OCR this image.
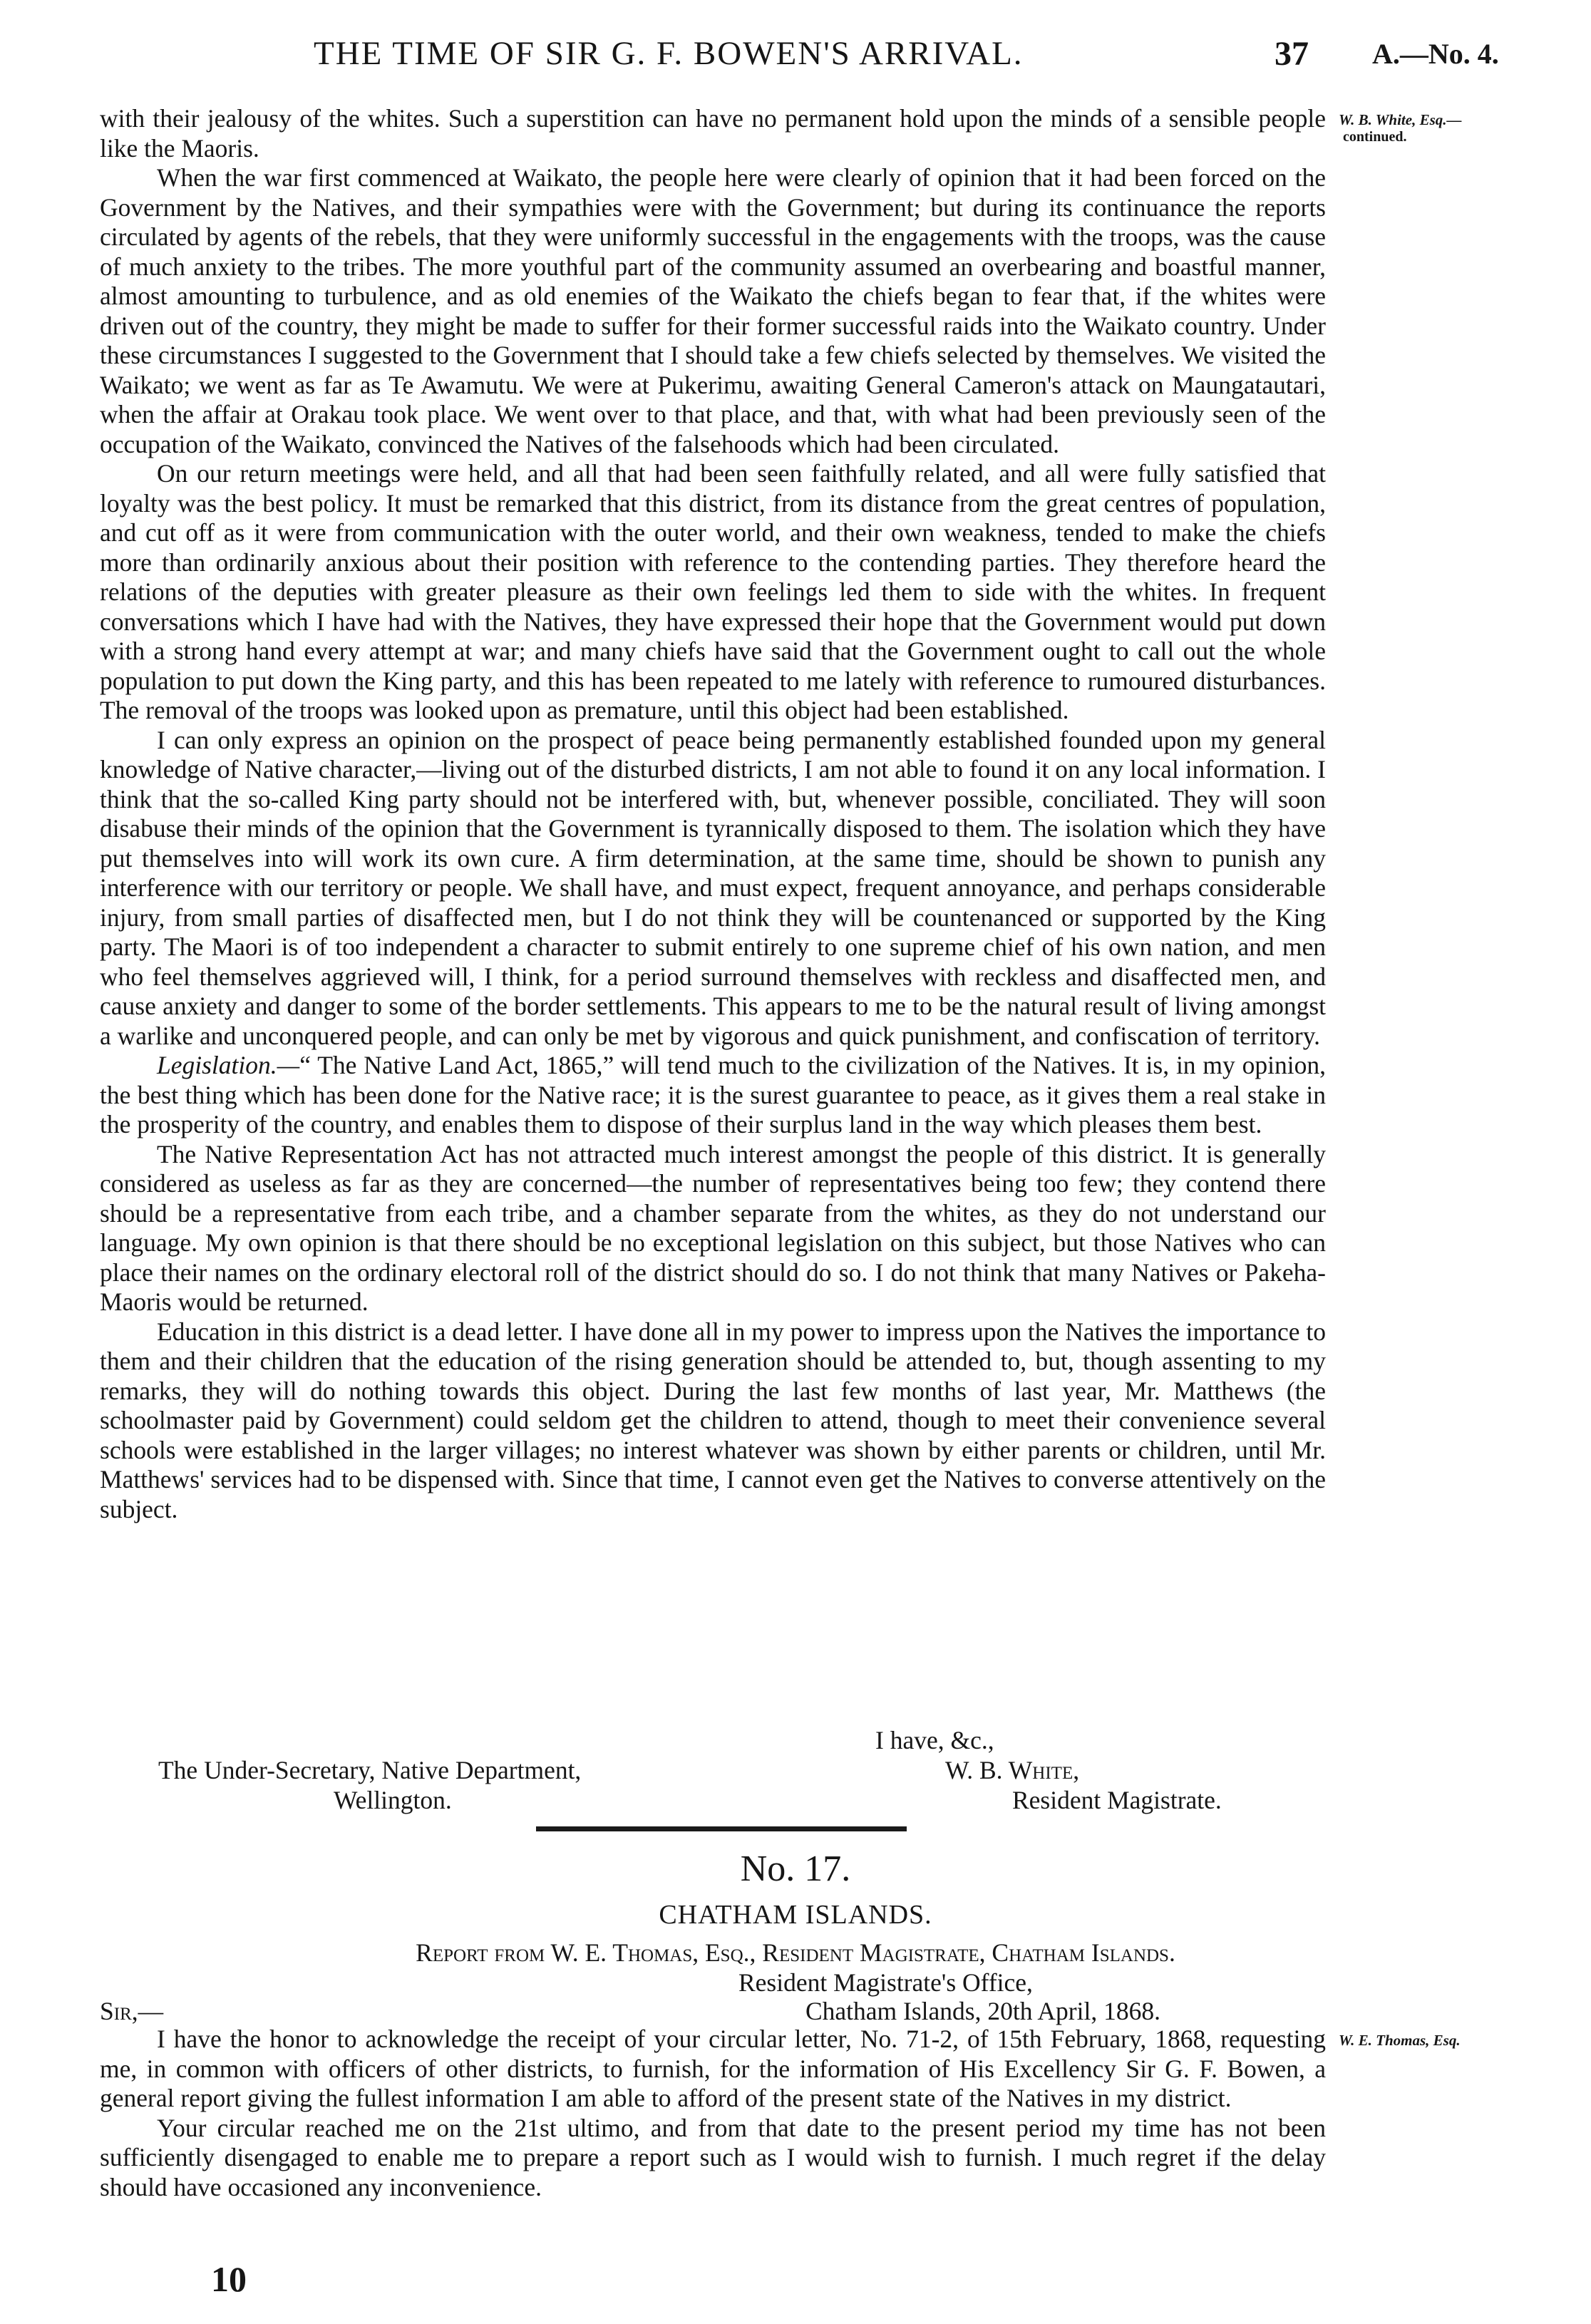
THE TIME OF SIR G. F. BOWEN'S ARRIVAL.	37 A.—No. 4.
W. B. White, Esq.—
continued.

with their jealousy of the whites. Such a superstition can have no permanent hold upon the minds of a sensible people like the Maoris.

When the war first commenced at Waikato, the people here were clearly of opinion that it had been forced on the Government by the Natives, and their sympathies were with the Government; but during its continuance the reports circulated by agents of the rebels, that they were uniformly successful in the engagements with the troops, was the cause of much anxiety to the tribes. The more youthful part of the community assumed an overbearing and boastful manner, almost amounting to turbulence, and as old enemies of the Waikato the chiefs began to fear that, if the whites were driven out of the country, they might be made to suffer for their former successful raids into the Waikato country. Under these circumstances I suggested to the Government that I should take a few chiefs selected by themselves. We visited the Waikato; we went as far as Te Awamutu. We were at Pukerimu, awaiting General Cameron's attack on Maungatautari, when the affair at Orakau took place. We went over to that place, and that, with what had been previously seen of the occupation of the Waikato, convinced the Natives of the falsehoods which had been circulated.

On our return meetings were held, and all that had been seen faithfully related, and all were fully satisfied that loyalty was the best policy. It must be remarked that this district, from its distance from the great centres of population, and cut off as it were from communication with the outer world, and their own weakness, tended to make the chiefs more than ordinarily anxious about their position with reference to the contending parties. They therefore heard the relations of the deputies with greater pleasure as their own feelings led them to side with the whites. In frequent conversations which I have had with the Natives, they have expressed their hope that the Government would put down with a strong hand every attempt at war; and many chiefs have said that the Government ought to call out the whole population to put down the King party, and this has been repeated to me lately with reference to rumoured disturbances. The removal of the troops was looked upon as premature, until this object had been established.

I can only express an opinion on the prospect of peace being permanently established founded upon my general knowledge of Native character,—living out of the disturbed districts, I am not able to found it on any local information. I think that the so-called King party should not be interfered with, but, whenever possible, conciliated. They will soon disabuse their minds of the opinion that the Government is tyrannically disposed to them. The isolation which they have put themselves into will work its own cure. A firm determination, at the same time, should be shown to punish any interference with our territory or people. We shall have, and must expect, frequent annoyance, and perhaps considerable injury, from small parties of disaffected men, but I do not think they will be countenanced or supported by the King party. The Maori is of too independent a character to submit entirely to one supreme chief of his own nation, and men who feel themselves aggrieved will, I think, for a period surround themselves with reckless and disaffected men, and cause anxiety and danger to some of the border settlements. This appears to me to be the natural result of living amongst a warlike and unconquered people, and can only be met by vigorous and quick punishment, and confiscation of territory.

Legislation.—“ The Native Land Act, 1865,” will tend much to the civilization of the Natives. It is, in my opinion, the best thing which has been done for the Native race; it is the surest guarantee to peace, as it gives them a real stake in the prosperity of the country, and enables them to dispose of their surplus land in the way which pleases them best.

The Native Representation Act has not attracted much interest amongst the people of this district. It is generally considered as useless as far as they are concerned—the number of representatives being too few; they contend there should be a representative from each tribe, and a chamber separate from the whites, as they do not understand our language. My own opinion is that there should be no exceptional legislation on this subject, but those Natives who can place their names on the ordinary electoral roll of the district should do so. I do not think that many Natives or Pakeha-Maoris would be returned.

Education in this district is a dead letter. I have done all in my power to impress upon the Natives the importance to them and their children that the education of the rising generation should be attended to, but, though assenting to my remarks, they will do nothing towards this object. During the last few months of last year, Mr. Matthews (the schoolmaster paid by Government) could seldom get the children to attend, though to meet their convenience several schools were established in the larger villages; no interest whatever was shown by either parents or children, until Mr. Matthews' services had to be dispensed with. Since that time, I cannot even get the Natives to converse attentively on the subject.

I have, &c.,
W. B. White,
Resident Magistrate.
The Under-Secretary, Native Department,
Wellington.
No. 17.
CHATHAM ISLANDS.
Report from W. E. Thomas, Esq., Resident Magistrate, Chatham Islands.
Resident Magistrate's Office,
Sir,—	Chatham Islands, 20th April, 1868.
W. E. Thomas, Esq.

I have the honor to acknowledge the receipt of your circular letter, No. 71-2, of 15th February, 1868, requesting me, in common with officers of other districts, to furnish, for the information of His Excellency Sir G. F. Bowen, a general report giving the fullest information I am able to afford of the present state of the Natives in my district.

Your circular reached me on the 21st ultimo, and from that date to the present period my time has not been sufficiently disengaged to enable me to prepare a report such as I would wish to furnish. I much regret if the delay should have occasioned any inconvenience.

10
